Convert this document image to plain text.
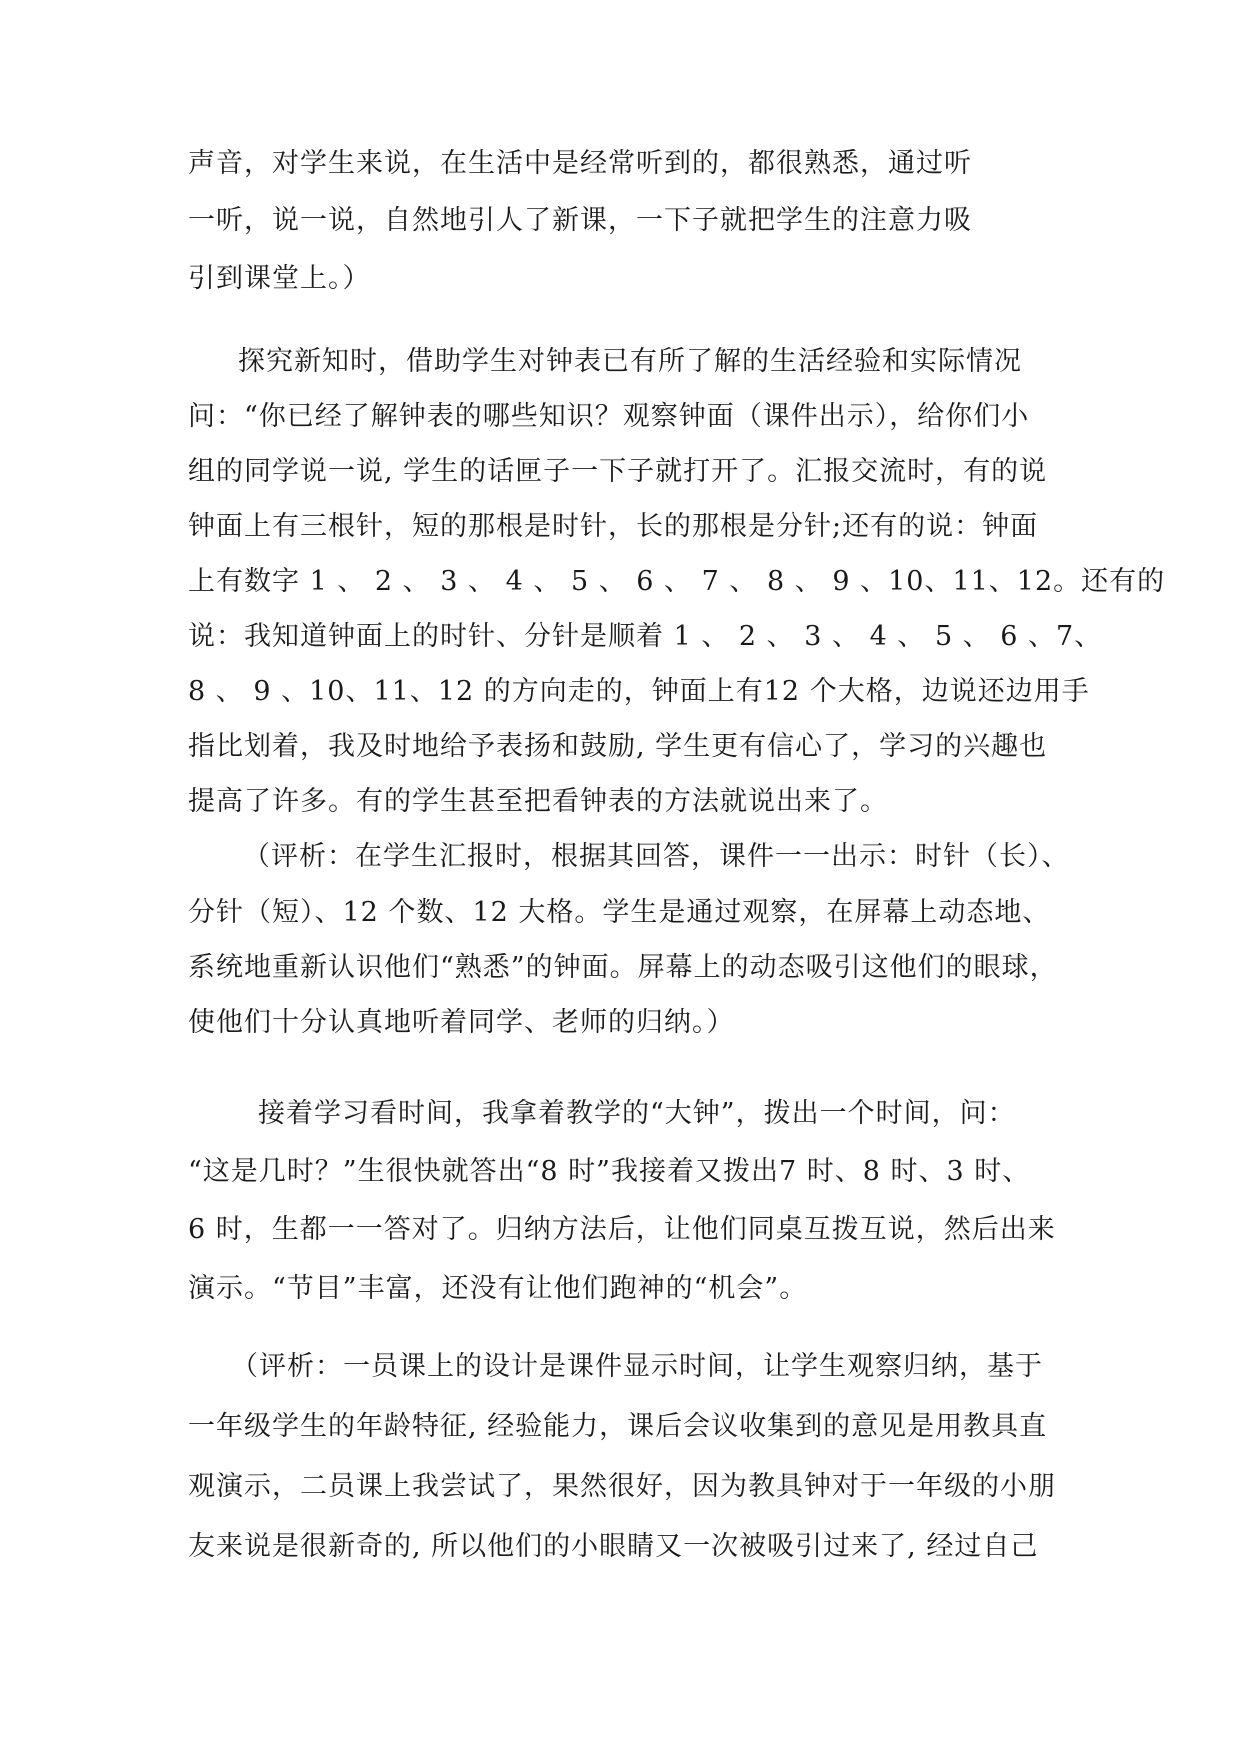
声音，对学生来说，在生活中是经常听到的，都很熟悉，通过听
一听，说一说，自然地引人了新课，一下子就把学生的注意力吸
引到课堂上。）
探究新知时，借助学生对钟表已有所了解的生活经验和实际情况
问：“你已经了解钟表的哪些知识？观察钟面（课件出示），给你们小
组的同学说一说, 学生的话匣子一下子就打开了。汇报交流时，有的说
钟面上有三根针，短的那根是时针，长的那根是分针;还有的说：钟面
上有数字 1 、 2 、 3 、 4 、 5 、 6 、 7 、 8 、 9 、10、11、12。还有的
说：我知道钟面上的时针、分针是顺着 1 、 2 、 3 、 4 、 5 、 6 、7、
8 、 9 、10、11、12 的方向走的，钟面上有12 个大格，边说还边用手
指比划着，我及时地给予表扬和鼓励, 学生更有信心了，学习的兴趣也
提高了许多。有的学生甚至把看钟表的方法就说出来了。
（评析：在学生汇报时，根据其回答，课件一一出示：时针（长）、
分针（短）、12 个数、12 大格。学生是通过观察，在屏幕上动态地、
系统地重新认识他们“熟悉”的钟面。屏幕上的动态吸引这他们的眼球，
使他们十分认真地听着同学、老师的归纳。）
接着学习看时间，我拿着教学的“大钟”，拨出一个时间，问：
“这是几时？”生很快就答出“8 时”我接着又拨出7 时、8 时、3 时、
6 时，生都一一答对了。归纳方法后，让他们同桌互拨互说，然后出来
演示。“节目”丰富，还没有让他们跑神的“机会”。
（评析：一员课上的设计是课件显示时间，让学生观察归纳，基于
一年级学生的年龄特征, 经验能力，课后会议收集到的意见是用教具直
观演示，二员课上我尝试了，果然很好，因为教具钟对于一年级的小朋
友来说是很新奇的, 所以他们的小眼睛又一次被吸引过来了, 经过自己
